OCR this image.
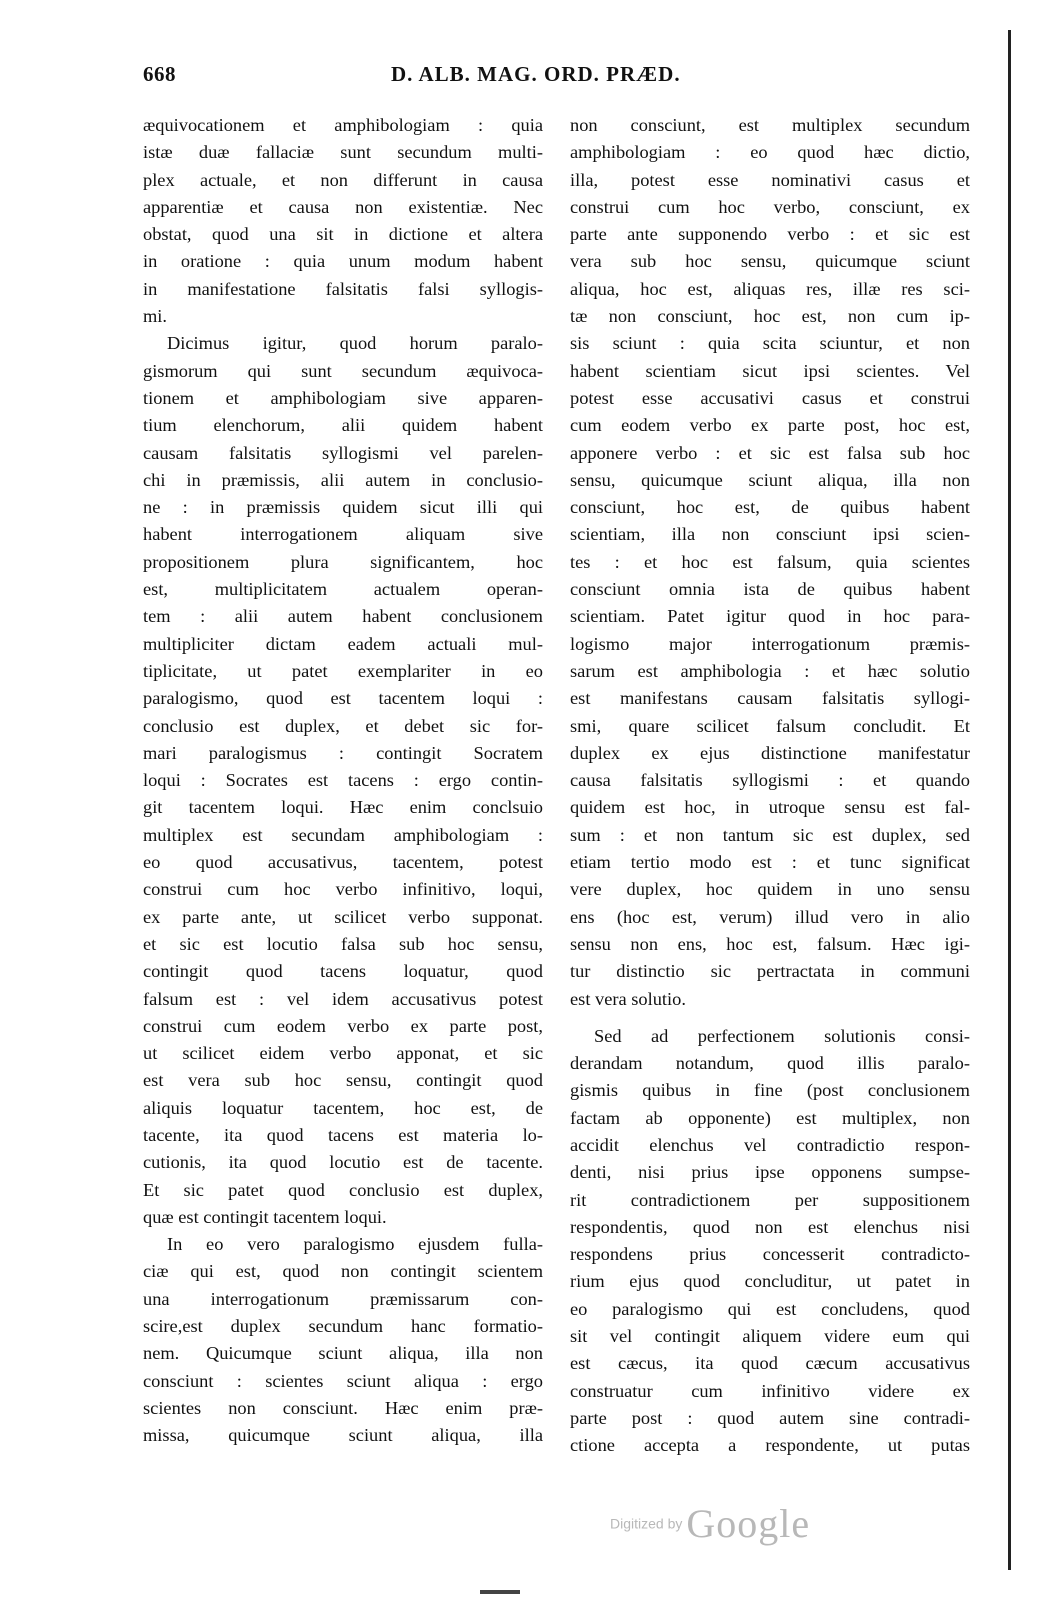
668	D. ALB. MAG. ORD. PRÆD.
æquivocationem et amphibologiam : quia
istæ duæ fallaciæ sunt secundum multi-
plex actuale, et non differunt in causa
apparentiæ et causa non existentiæ. Nec
obstat, quod una sit in dictione et altera
in oratione : quia unum modum habent
in manifestatione falsitatis falsi syllogis-
mi.
Dicimus igitur, quod horum paralo-
gismorum qui sunt secundum æquivoca-
tionem et amphibologiam sive apparen-
tium elenchorum, alii quidem habent
causam falsitatis syllogismi vel parelen-
chi in præmissis, alii autem in conclusio-
ne : in præmissis quidem sicut illi qui
habent interrogationem aliquam sive
propositionem plura significantem, hoc
est, multiplicitatem actualem operan-
tem : alii autem habent conclusionem
multipliciter dictam eadem actuali mul-
tiplicitate, ut patet exemplariter in eo
paralogismo, quod est tacentem loqui :
conclusio est duplex, et debet sic for-
mari paralogismus : contingit Socratem
loqui : Socrates est tacens : ergo contin-
git tacentem loqui. Hæc enim conclsuio
multiplex est secundam amphibologiam :
eo quod accusativus, tacentem, potest
construi cum hoc verbo infinitivo, loqui,
ex parte ante, ut scilicet verbo supponat.
et sic est locutio falsa sub hoc sensu,
contingit quod tacens loquatur, quod
falsum est : vel idem accusativus potest
construi cum eodem verbo ex parte post,
ut scilicet eidem verbo apponat, et sic
est vera sub hoc sensu, contingit quod
aliquis loquatur tacentem, hoc est, de
tacente, ita quod tacens est materia lo-
cutionis, ita quod locutio est de tacente.
Et sic patet quod conclusio est duplex,
quæ est contingit tacentem loqui.
In eo vero paralogismo ejusdem fulla-
ciæ qui est, quod non contingit scientem
una interrogationum præmissarum con-
scire,est duplex secundum hanc formatio-
nem. Quicumque sciunt aliqua, illa non
consciunt : scientes sciunt aliqua : ergo
scientes non consciunt. Hæc enim præ-
missa, quicumque sciunt aliqua, illa
non consciunt, est multiplex secundum
amphibologiam : eo quod hæc dictio,
illa, potest esse nominativi casus et
construi cum hoc verbo, consciunt, ex
parte ante supponendo verbo : et sic est
vera sub hoc sensu, quicumque sciunt
aliqua, hoc est, aliquas res, illæ res sci-
tæ non consciunt, hoc est, non cum ip-
sis sciunt : quia scita sciuntur, et non
habent scientiam sicut ipsi scientes. Vel
potest esse accusativi casus et construi
cum eodem verbo ex parte post, hoc est,
apponere verbo : et sic est falsa sub hoc
sensu, quicumque sciunt aliqua, illa non
consciunt, hoc est, de quibus habent
scientiam, illa non consciunt ipsi scien-
tes : et hoc est falsum, quia scientes
consciunt omnia ista de quibus habent
scientiam. Patet igitur quod in hoc para-
logismo major interrogationum præmis-
sarum est amphibologia : et hæc solutio
est manifestans causam falsitatis syllogi-
smi, quare scilicet falsum concludit. Et
duplex ex ejus distinctione manifestatur
causa falsitatis syllogismi : et quando
quidem est hoc, in utroque sensu est fal-
sum : et non tantum sic est duplex, sed
etiam tertio modo est : et tunc significat
vere duplex, hoc quidem in uno sensu
ens (hoc est, verum) illud vero in alio
sensu non ens, hoc est, falsum. Hæc igi-
tur distinctio sic pertractata in communi
est vera solutio.
Sed ad perfectionem solutionis consi-
derandam notandum, quod illis paralo-
gismis quibus in fine (post conclusionem
factam ab opponente) est multiplex, non
accidit elenchus vel contradictio respon-
denti, nisi prius ipse opponens sumpse-
rit contradictionem per suppositionem
respondentis, quod non est elenchus nisi
respondens prius concesserit contradicto-
rium ejus quod concluditur, ut patet in
eo paralogismo qui est concludens, quod
sit vel contingit aliquem videre eum qui
est cæcus, ita quod cæcum accusativus
construatur cum infinitivo videre ex
parte post : quod autem sine contradi-
ctione accepta a respondente, ut putas
Digitized by Google
